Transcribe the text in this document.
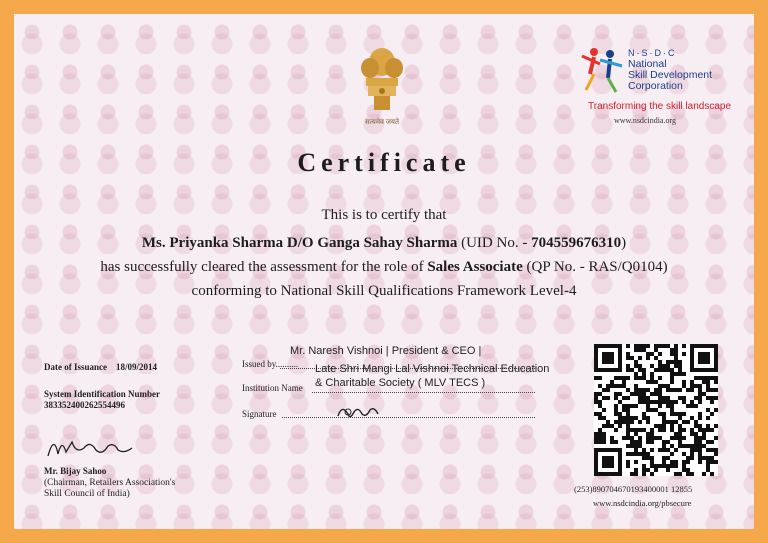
सत्यमेव जयते
N·S·D·C
National
Skill Development
Corporation
Transforming the skill landscape
www.nsdcindia.org
Certificate
This is to certify that
Ms. Priyanka Sharma D/O Ganga Sahay Sharma (UID No. - 704559676310)
has successfully cleared the assessment for the role of Sales Associate (QP No. - RAS/Q0104)
conforming to National Skill Qualifications Framework Level-4
Date of Issuance 18/09/2014
System Identification Number
383352400262554496
Mr. Bijay Sahoo
(Chairman, Retailers Association's
Skill Council of India)
Issued by..........
Mr. Naresh Vishnoi | President & CEO |
Institution Name
Late Shri Mangi Lal Vishnoi Technical Education
& Charitable Society ( MLV TECS )
Signature
(253)890704670193400001 12855
www.nsdcindia.org/pbsecure
